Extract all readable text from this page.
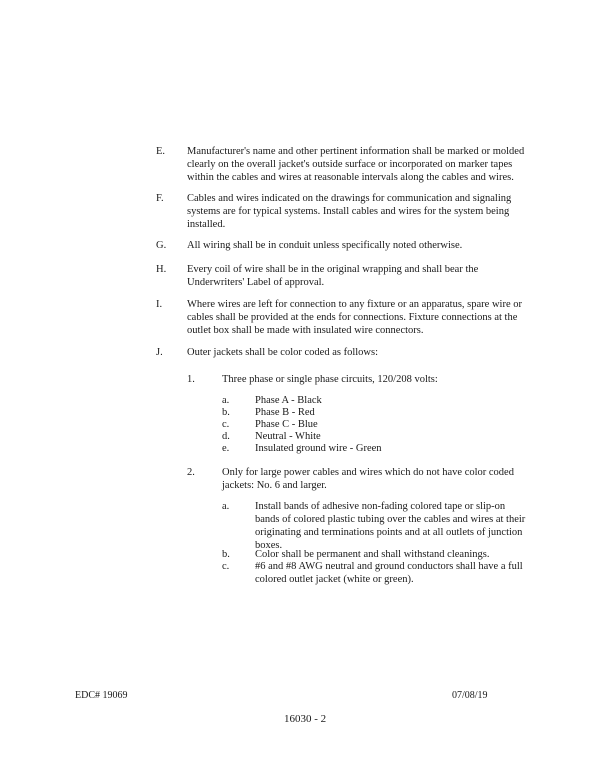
E. Manufacturer's name and other pertinent information shall be marked or molded clearly on the overall jacket's outside surface or incorporated on marker tapes within the cables and wires at reasonable intervals along the cables and wires.
F. Cables and wires indicated on the drawings for communication and signaling systems are for typical systems. Install cables and wires for the system being installed.
G. All wiring shall be in conduit unless specifically noted otherwise.
H. Every coil of wire shall be in the original wrapping and shall bear the Underwriters' Label of approval.
I. Where wires are left for connection to any fixture or an apparatus, spare wire or cables shall be provided at the ends for connections. Fixture connections at the outlet box shall be made with insulated wire connectors.
J. Outer jackets shall be color coded as follows:
1.	Three phase or single phase circuits, 120/208 volts:
a. Phase A - Black
b. Phase B - Red
c. Phase C - Blue
d. Neutral - White
e. Insulated ground wire - Green
2.	Only for large power cables and wires which do not have color coded jackets: No. 6 and larger.
a. Install bands of adhesive non-fading colored tape or slip-on bands of colored plastic tubing over the cables and wires at their originating and terminations points and at all outlets of junction boxes.
b. Color shall be permanent and shall withstand cleanings.
c. #6 and #8 AWG neutral and ground conductors shall have a full colored outlet jacket (white or green).
EDC# 19069	07/08/19
16030 - 2
